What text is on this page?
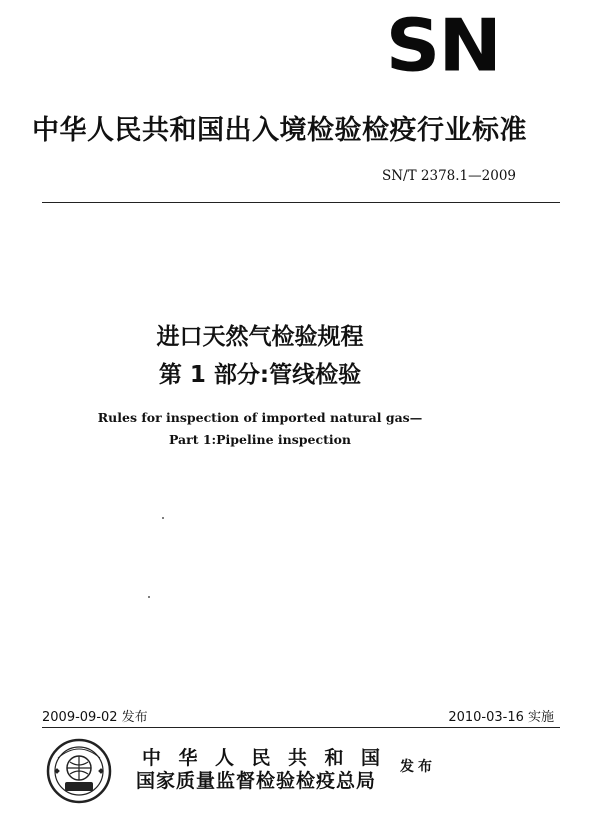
SN
中华人民共和国出入境检验检疫行业标准
SN/T 2378.1—2009
进口天然气检验规程
第 1 部分:管线检验
Rules for inspection of imported natural gas—
Part 1:Pipeline inspection
2009-09-02 发布	2010-03-16 实施
中华人民共和国
国家质量监督检验检疫总局
发布
